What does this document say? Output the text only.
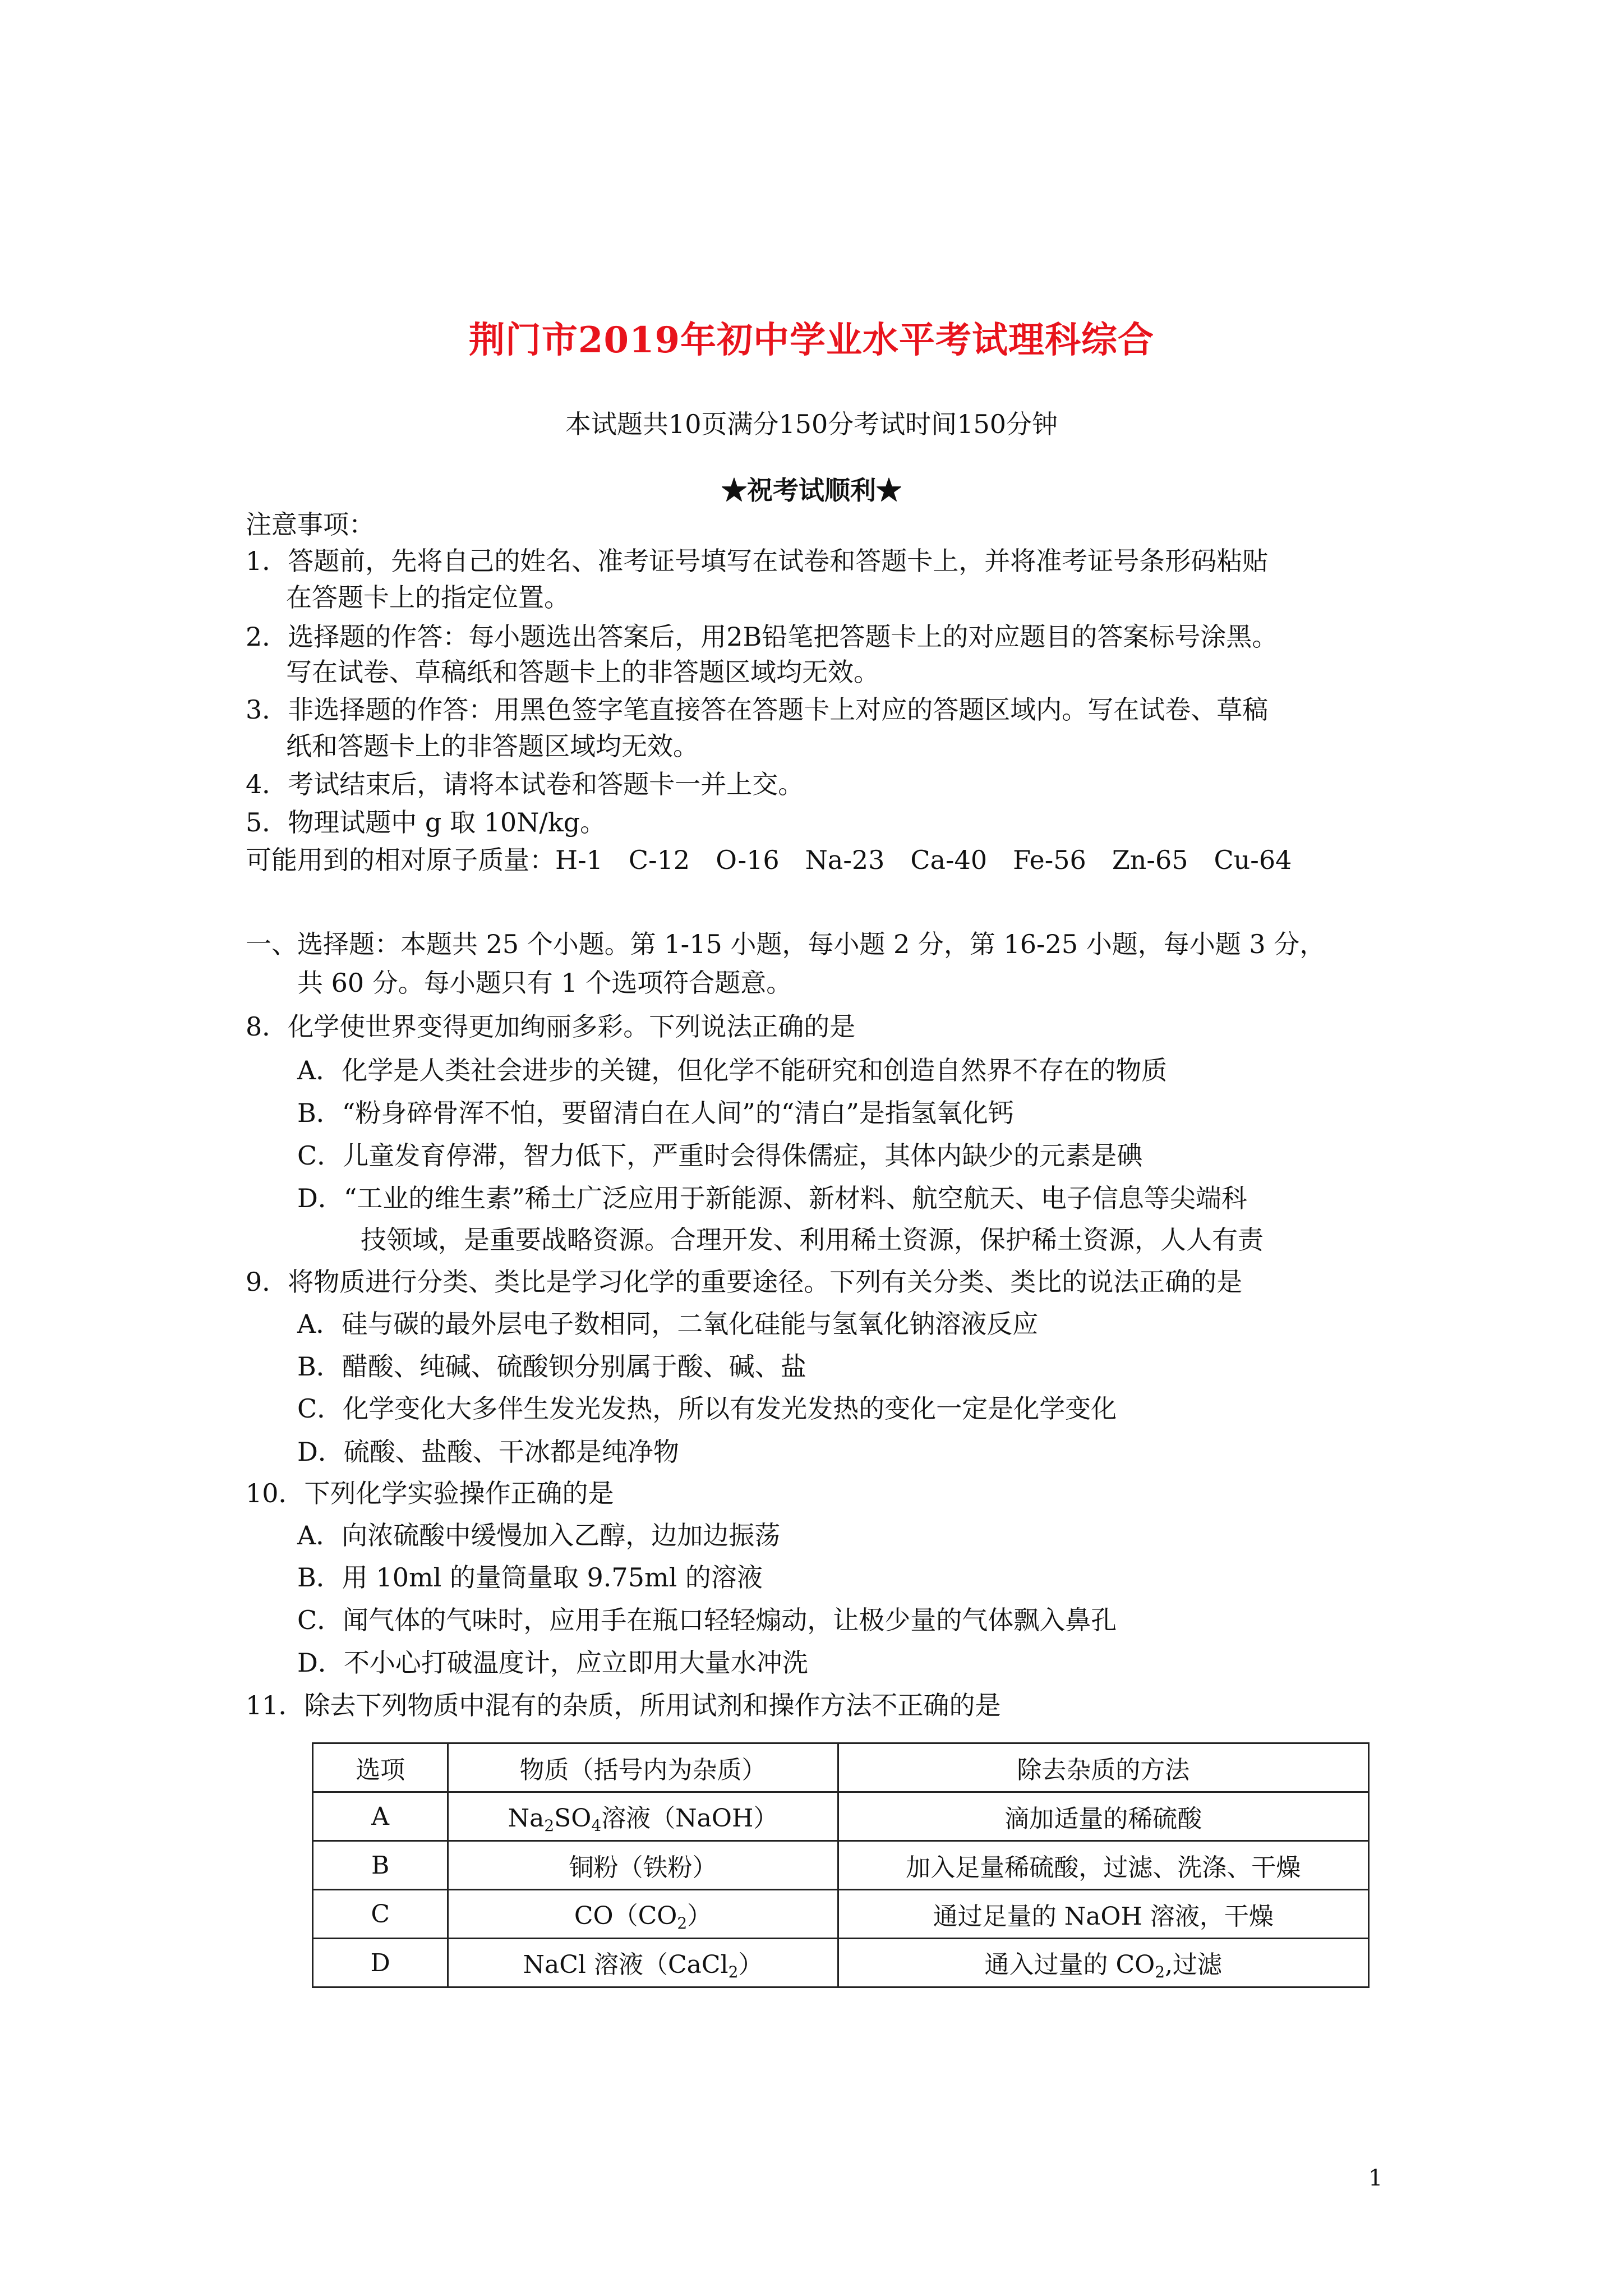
荆门市2019年初中学业水平考试理科综合
本试题共10页满分150分考试时间150分钟
★祝考试顺利★
注意事项：
1．答题前，先将自己的姓名、准考证号填写在试卷和答题卡上，并将准考证号条形码粘贴
在答题卡上的指定位置。
2．选择题的作答：每小题选出答案后，用2B铅笔把答题卡上的对应题目的答案标号涂黑。
写在试卷、草稿纸和答题卡上的非答题区域均无效。
3．非选择题的作答：用黑色签字笔直接答在答题卡上对应的答题区域内。写在试卷、草稿
纸和答题卡上的非答题区域均无效。
4．考试结束后，请将本试卷和答题卡一并上交。
5．物理试题中 g 取 10N/kg。
可能用到的相对原子质量：H-1　C-12　O-16　Na-23　Ca-40　Fe-56　Zn-65　Cu-64
一、选择题：本题共 25 个小题。第 1-15 小题，每小题 2 分，第 16-25 小题，每小题 3 分，
共 60 分。每小题只有 1 个选项符合题意。
8．化学使世界变得更加绚丽多彩。下列说法正确的是
A．化学是人类社会进步的关键，但化学不能研究和创造自然界不存在的物质
B．“粉身碎骨浑不怕，要留清白在人间”的“清白”是指氢氧化钙
C．儿童发育停滞，智力低下，严重时会得侏儒症，其体内缺少的元素是碘
D．“工业的维生素”稀土广泛应用于新能源、新材料、航空航天、电子信息等尖端科
技领域，是重要战略资源。合理开发、利用稀土资源，保护稀土资源，人人有责
9．将物质进行分类、类比是学习化学的重要途径。下列有关分类、类比的说法正确的是
A．硅与碳的最外层电子数相同，二氧化硅能与氢氧化钠溶液反应
B．醋酸、纯碱、硫酸钡分别属于酸、碱、盐
C．化学变化大多伴生发光发热，所以有发光发热的变化一定是化学变化
D．硫酸、盐酸、干冰都是纯净物
10．下列化学实验操作正确的是
A．向浓硫酸中缓慢加入乙醇，边加边振荡
B．用 10ml 的量筒量取 9.75ml 的溶液
C．闻气体的气味时，应用手在瓶口轻轻煽动，让极少量的气体飘入鼻孔
D．不小心打破温度计，应立即用大量水冲洗
11．除去下列物质中混有的杂质，所用试剂和操作方法不正确的是
选项	物质（括号内为杂质）	除去杂质的方法
A	$Na_2SO_4$溶液（NaOH）	滴加适量的稀硫酸
B	铜粉（铁粉）	加入足量稀硫酸，过滤、洗涤、干燥
C	$CO(CO_2)$	通过足量的 NaOH 溶液，干燥
D	NaCl 溶液（CaCl$_2$）	通入过量的 $CO_2$,过滤
1
